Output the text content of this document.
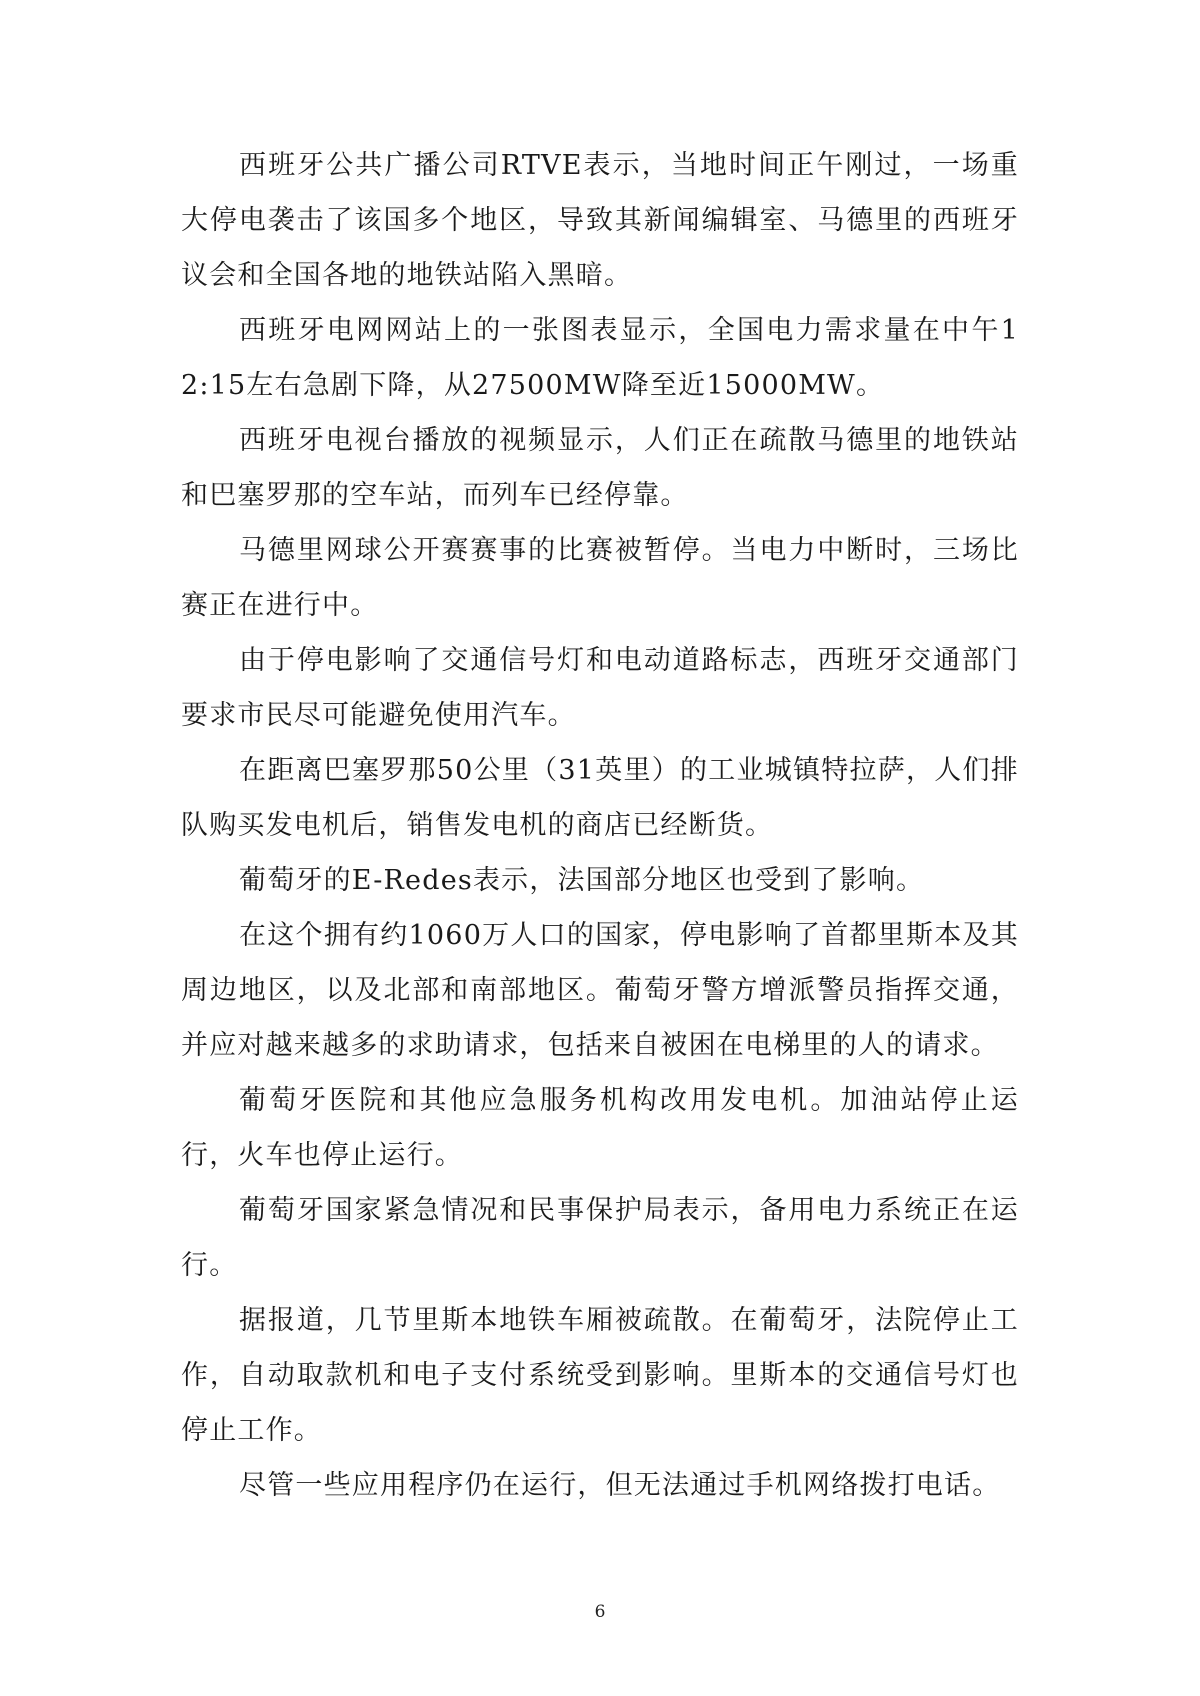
西班牙公共广播公司RTVE表示，当地时间正午刚过，一场重大停电袭击了该国多个地区，导致其新闻编辑室、马德里的西班牙议会和全国各地的地铁站陷入黑暗。

西班牙电网网站上的一张图表显示，全国电力需求量在中午12:15左右急剧下降，从27500MW降至近15000MW。

西班牙电视台播放的视频显示，人们正在疏散马德里的地铁站和巴塞罗那的空车站，而列车已经停靠。

马德里网球公开赛赛事的比赛被暂停。当电力中断时，三场比赛正在进行中。

由于停电影响了交通信号灯和电动道路标志，西班牙交通部门要求市民尽可能避免使用汽车。

在距离巴塞罗那50公里（31英里）的工业城镇特拉萨，人们排队购买发电机后，销售发电机的商店已经断货。

葡萄牙的E-Redes表示，法国部分地区也受到了影响。

在这个拥有约1060万人口的国家，停电影响了首都里斯本及其周边地区，以及北部和南部地区。葡萄牙警方增派警员指挥交通，并应对越来越多的求助请求，包括来自被困在电梯里的人的请求。

葡萄牙医院和其他应急服务机构改用发电机。加油站停止运行，火车也停止运行。

葡萄牙国家紧急情况和民事保护局表示，备用电力系统正在运行。

据报道，几节里斯本地铁车厢被疏散。在葡萄牙，法院停止工作，自动取款机和电子支付系统受到影响。里斯本的交通信号灯也停止工作。

尽管一些应用程序仍在运行，但无法通过手机网络拨打电话。

6
